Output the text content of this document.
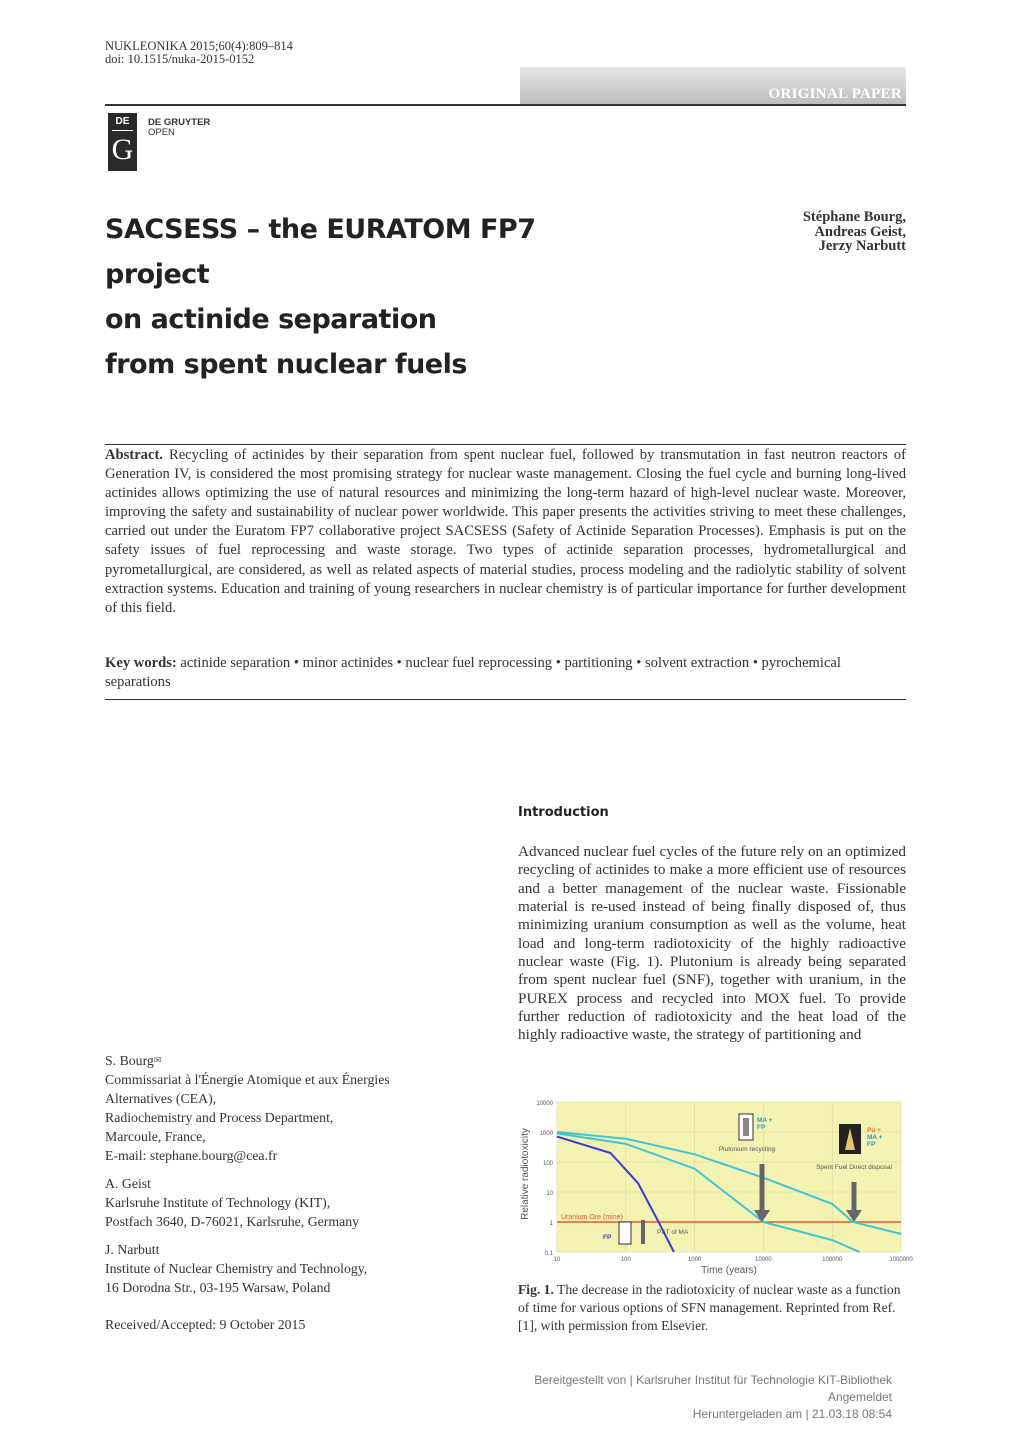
NUKLEONIKA 2015;60(4):809–814
doi: 10.1515/nuka-2015-0152
ORIGINAL PAPER
DE
G
DE GRUYTER
OPEN
SACSESS – the EURATOM FP7 project
on actinide separation
from spent nuclear fuels
Stéphane Bourg,
Andreas Geist,
Jerzy Narbutt
Abstract. Recycling of actinides by their separation from spent nuclear fuel, followed by transmutation in fast neutron reactors of Generation IV, is considered the most promising strategy for nuclear waste management. Closing the fuel cycle and burning long-lived actinides allows optimizing the use of natural resources and minimizing the long-term hazard of high-level nuclear waste. Moreover, improving the safety and sustainability of nuclear power worldwide. This paper presents the activities striving to meet these challenges, carried out under the Euratom FP7 collaborative project SACSESS (Safety of Actinide Separation Processes). Emphasis is put on the safety issues of fuel reprocessing and waste storage. Two types of actinide separation processes, hydrometallurgical and pyrometallurgical, are considered, as well as related aspects of material studies, process modeling and the radiolytic stability of solvent extraction systems. Education and training of young researchers in nuclear chemistry is of particular importance for further development of this field.
Key words: actinide separation • minor actinides • nuclear fuel reprocessing • partitioning • solvent extraction • pyrochemical separations
Introduction
Advanced nuclear fuel cycles of the future rely on an optimized recycling of actinides to make a more efficient use of resources and a better management of the nuclear waste. Fissionable material is re-used instead of being finally disposed of, thus minimizing uranium consumption as well as the volume, heat load and long-term radiotoxicity of the highly radioactive nuclear waste (Fig. 1). Plutonium is already being separated from spent nuclear fuel (SNF), together with uranium, in the PUREX process and recycled into MOX fuel. To provide further reduction of radiotoxicity and the heat load of the highly radioactive waste, the strategy of partitioning and
S. Bourg✉
Commissariat à l'Énergie Atomique et aux Énergies
Alternatives (CEA),
Radiochemistry and Process Department,
Marcoule, France,
E-mail: stephane.bourg@cea.fr
A. Geist
Karlsruhe Institute of Technology (KIT),
Postfach 3640, D-76021, Karlsruhe, Germany
J. Narbutt
Institute of Nuclear Chemistry and Technology,
16 Dorodna Str., 03-195 Warsaw, Poland
Received/Accepted: 9 October 2015
Uranium Ore (mine)
10000
1000
100
10
1
0,1
10	100	1000	10000	100000	1000000
MA +
FP
Plutonium recycling
Pu +
MA +
FP
Spent Fuel Direct disposal
FP
P&T of MA
Relative radiotoxicity
Time (years)
Fig. 1. The decrease in the radiotoxicity of nuclear waste as a function of time for various options of SFN management. Reprinted from Ref. [1], with permission from Elsevier.
Bereitgestellt von | Karlsruher Institut für Technologie KIT-Bibliothek
Angemeldet
Heruntergeladen am | 21.03.18 08:54
